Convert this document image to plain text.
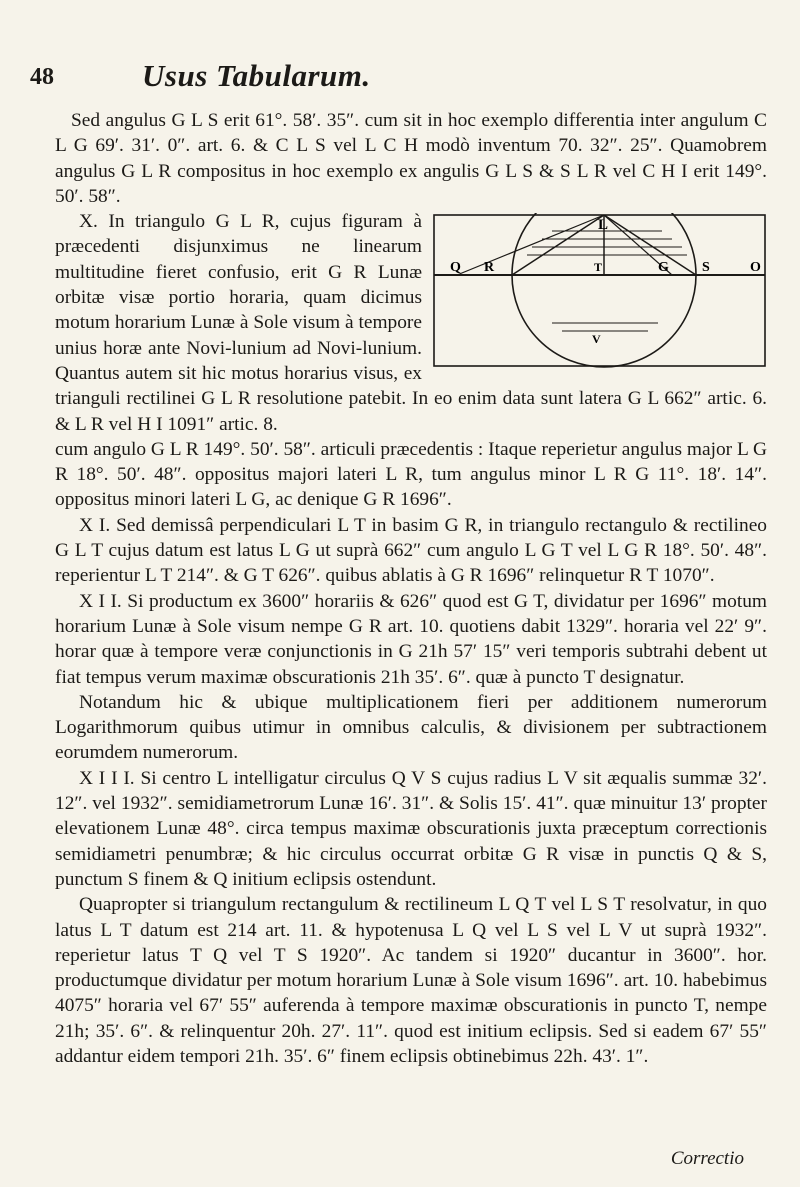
48	Usus Tabularum.

Sed angulus G L S erit 61°. 58′. 35″. cum sit in hoc exemplo differentia inter angulum C L G 69′. 31′. 0″. art. 6. & C L S vel L C H modò inventum 70. 32″. 25″. Quamobrem angulus G L R compositus in hoc exemplo ex angulis G L S & S L R vel C H I erit 149°. 50′. 58″.

L
Q R	S
T	G
V
O

X. In triangulo G L R, cujus figuram à præcedenti disjunximus ne linearum multitudine fieret confusio, erit G R Lunæ orbitæ visæ portio horaria, quam dicimus motum horarium Lunæ à Sole visum à tempore unius horæ ante Novi-lunium ad Novi-lunium. Quantus autem sit hic motus horarius visus, ex trianguli rectilinei G L R resolutione patebit. In eo enim data sunt latera G L 662″ artic. 6. & L R vel H I 1091″ artic. 8.

cum angulo G L R 149°. 50′. 58″. articuli præcedentis : Itaque reperietur angulus major L G R 18°. 50′. 48″. oppositus majori lateri L R, tum angulus minor L R G 11°. 18′. 14″. oppositus minori lateri L G, ac denique G R 1696″.

X I. Sed demissâ perpendiculari L T in basim G R, in triangulo rectangulo & rectilineo G L T cujus datum est latus L G ut suprà 662″ cum angulo L G T vel L G R 18°. 50′. 48″. reperientur L T 214″. & G T 626″. quibus ablatis à G R 1696″ relinquetur R T 1070″.

X I I. Si productum ex 3600″ horariis & 626″ quod est G T, dividatur per 1696″ motum horarium Lunæ à Sole visum nempe G R art. 10. quotiens dabit 1329″. horaria vel 22′ 9″. horar quæ à tempore veræ conjunctionis in G 21h 57′ 15″ veri temporis subtrahi debent ut fiat tempus verum maximæ obscurationis 21h 35′. 6″. quæ à puncto T designatur.

Notandum hic & ubique multiplicationem fieri per additionem numerorum Logarithmorum quibus utimur in omnibus calculis, & divisionem per subtractionem eorumdem numerorum.

X I I I. Si centro L intelligatur circulus Q V S cujus radius L V sit æqualis summæ 32′. 12″. vel 1932″. semidiametrorum Lunæ 16′. 31″. & Solis 15′. 41″. quæ minuitur 13′ propter elevationem Lunæ 48°. circa tempus maximæ obscurationis juxta præceptum correctionis semidiametri penumbræ; & hic circulus occurrat orbitæ G R visæ in punctis Q & S, punctum S finem & Q initium eclipsis ostendunt.

Quapropter si triangulum rectangulum & rectilineum L Q T vel L S T resolvatur, in quo latus L T datum est 214 art. 11. & hypotenusa L Q vel L S vel L V ut suprà 1932″. reperietur latus T Q vel T S 1920″. Ac tandem si 1920″ ducantur in 3600″. hor. productumque dividatur per motum horarium Lunæ à Sole visum 1696″. art. 10. habebimus 4075″ horaria vel 67′ 55″ auferenda à tempore maximæ obscurationis in puncto T, nempe 21h; 35′. 6″. & relinquentur 20h. 27′. 11″. quod est initium eclipsis. Sed si eadem 67′ 55″ addantur eidem tempori 21h. 35′. 6″ finem eclipsis obtinebimus 22h. 43′. 1″.

Correctio
